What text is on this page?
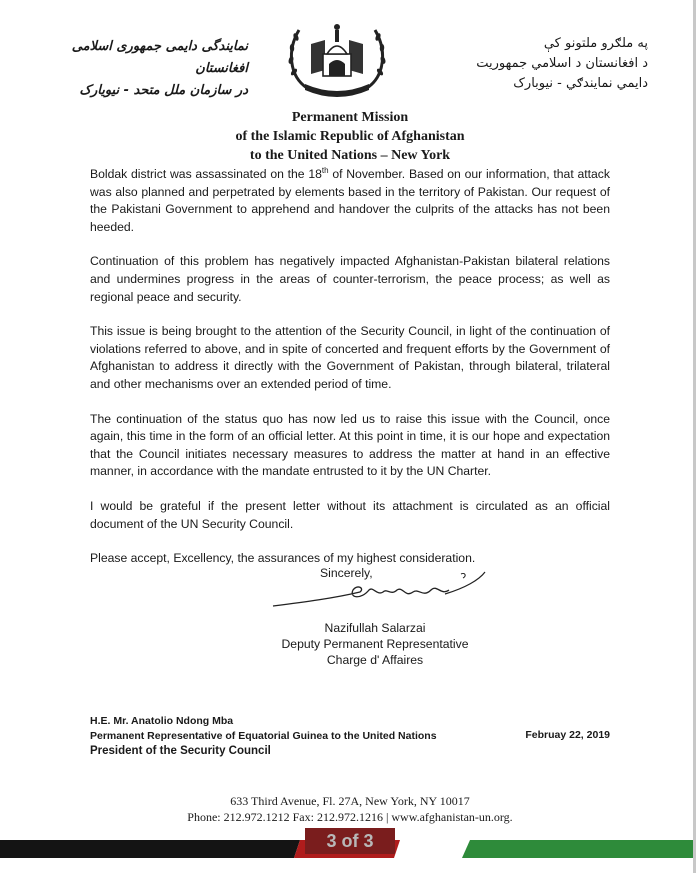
نمایندگی دایمی جمهوری اسلامی افغانستان
در سازمان ملل متحد - نیویارک
په ملګرو ملتونو کې
د افغانستان د اسلامي جمهوریت
دایمي نمایندګي - نیوبارک
Permanent Mission
of the Islamic Republic of Afghanistan
to the United Nations – New York

Boldak district was assassinated on the 18th of November. Based on our information, that attack was also planned and perpetrated by elements based in the territory of Pakistan. Our request of the Pakistani Government to apprehend and handover the culprits of the attacks has not been heeded.

Continuation of this problem has negatively impacted Afghanistan-Pakistan bilateral relations and undermines progress in the areas of counter-terrorism, the peace process; as well as regional peace and security.

This issue is being brought to the attention of the Security Council, in light of the continuation of violations referred to above, and in spite of concerted and frequent efforts by the Government of Afghanistan to address it directly with the Government of Pakistan, through bilateral, trilateral and other mechanisms over an extended period of time.

The continuation of the status quo has now led us to raise this issue with the Council, once again, this time in the form of an official letter. At this point in time, it is our hope and expectation that the Council initiates necessary measures to address the matter at hand in an effective manner, in accordance with the mandate entrusted to it by the UN Charter.

I would be grateful if the present letter without its attachment is circulated as an official document of the UN Security Council.

Please accept, Excellency, the assurances of my highest consideration.

Sincerely,
Nazifullah Salarzai
Deputy Permanent Representative
Charge d' Affaires
H.E. Mr. Anatolio Ndong Mba
Permanent Representative of Equatorial Guinea to the United Nations
President of the Security Council
Februay 22, 2019
633 Third Avenue, Fl. 27A, New York, NY 10017
Phone: 212.972.1212 Fax: 212.972.1216 | www.afghanistan-un.org.
3 of 3
